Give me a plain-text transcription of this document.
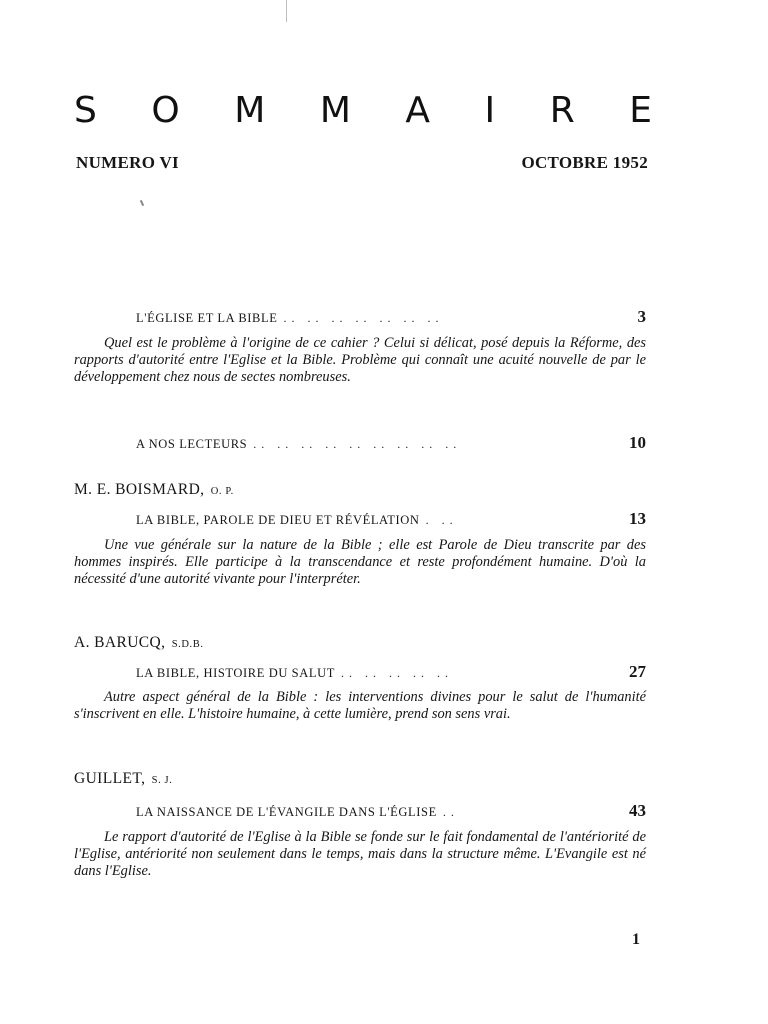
S O M M A I R E
NUMERO VI	OCTOBRE 1952
L'ÉGLISE ET LA BIBLE .. .. .. .. .. .. ..	3

Quel est le problème à l'origine de ce cahier ? Celui si délicat, posé depuis la Réforme, des rapports d'autorité entre l'Eglise et la Bible. Problème qui connaît une acuité nouvelle de par le développement chez nous de sectes nombreuses.

A NOS LECTEURS .. .. .. .. .. .. .. .. ..	10
M. E. BOISMARD, O. P.
LA BIBLE, PAROLE DE DIEU ET RÉVÉLATION . ..	13

Une vue générale sur la nature de la Bible ; elle est Parole de Dieu transcrite par des hommes inspirés. Elle participe à la transcendance et reste profondément humaine. D'où la nécessité d'une autorité vivante pour l'interpréter.

A. BARUCQ, S.D.B.
LA BIBLE, HISTOIRE DU SALUT .. .. .. .. ..	27

Autre aspect général de la Bible : les interventions divines pour le salut de l'humanité s'inscrivent en elle. L'histoire humaine, à cette lumière, prend son sens vrai.

GUILLET, S. J.
LA NAISSANCE DE L'ÉVANGILE DANS L'ÉGLISE ..	43

Le rapport d'autorité de l'Eglise à la Bible se fonde sur le fait fondamental de l'antériorité de l'Eglise, antériorité non seulement dans le temps, mais dans la structure même. L'Evangile est né dans l'Eglise.

1
